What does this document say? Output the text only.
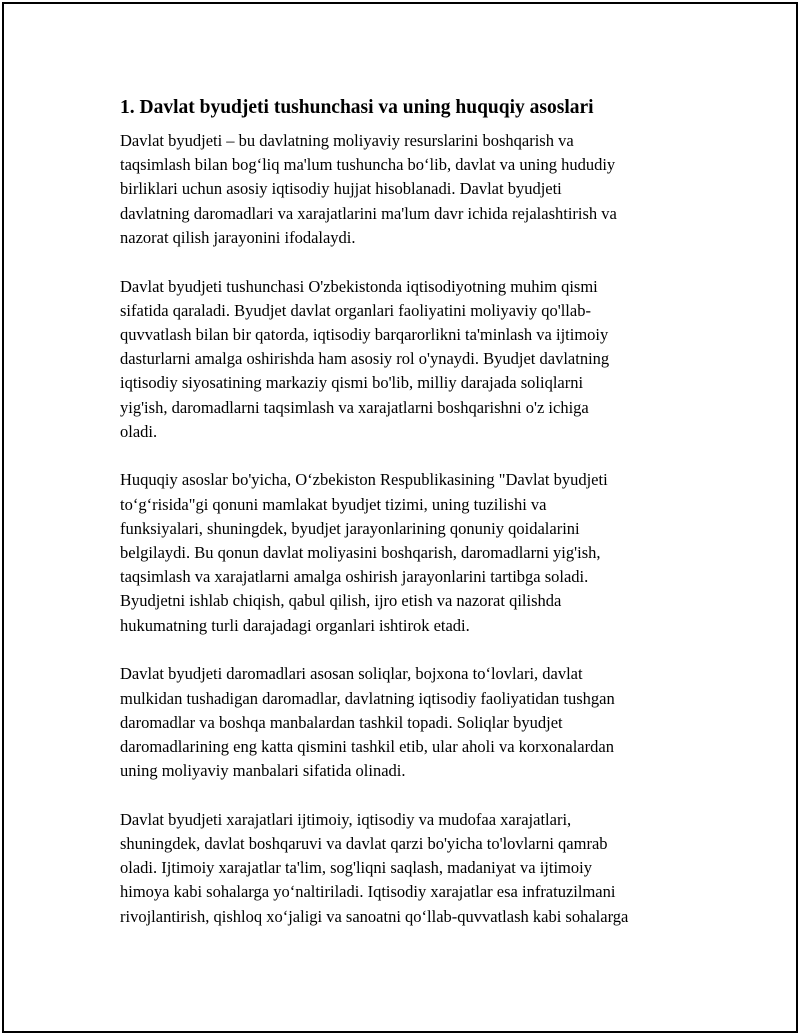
1. Davlat byudjeti tushunchasi va uning huquqiy asoslari

Davlat byudjeti – bu davlatning moliyaviy resurslarini boshqarish va
taqsimlash bilan bog‘liq ma'lum tushuncha bo‘lib, davlat va uning hududiy
birliklari uchun asosiy iqtisodiy hujjat hisoblanadi. Davlat byudjeti
davlatning daromadlari va xarajatlarini ma'lum davr ichida rejalashtirish va
nazorat qilish jarayonini ifodalaydi.

Davlat byudjeti tushunchasi O'zbekistonda iqtisodiyotning muhim qismi
sifatida qaraladi. Byudjet davlat organlari faoliyatini moliyaviy qo'llab-
quvvatlash bilan bir qatorda, iqtisodiy barqarorlikni ta'minlash va ijtimoiy
dasturlarni amalga oshirishda ham asosiy rol o'ynaydi. Byudjet davlatning
iqtisodiy siyosatining markaziy qismi bo'lib, milliy darajada soliqlarni
yig'ish, daromadlarni taqsimlash va xarajatlarni boshqarishni o'z ichiga
oladi.

Huquqiy asoslar bo'yicha, O‘zbekiston Respublikasining "Davlat byudjeti
to‘g‘risida"gi qonuni mamlakat byudjet tizimi, uning tuzilishi va
funksiyalari, shuningdek, byudjet jarayonlarining qonuniy qoidalarini
belgilaydi. Bu qonun davlat moliyasini boshqarish, daromadlarni yig'ish,
taqsimlash va xarajatlarni amalga oshirish jarayonlarini tartibga soladi.
Byudjetni ishlab chiqish, qabul qilish, ijro etish va nazorat qilishda
hukumatning turli darajadagi organlari ishtirok etadi.

Davlat byudjeti daromadlari asosan soliqlar, bojxona to‘lovlari, davlat
mulkidan tushadigan daromadlar, davlatning iqtisodiy faoliyatidan tushgan
daromadlar va boshqa manbalardan tashkil topadi. Soliqlar byudjet
daromadlarining eng katta qismini tashkil etib, ular aholi va korxonalardan
uning moliyaviy manbalari sifatida olinadi.

Davlat byudjeti xarajatlari ijtimoiy, iqtisodiy va mudofaa xarajatlari,
shuningdek, davlat boshqaruvi va davlat qarzi bo'yicha to'lovlarni qamrab
oladi. Ijtimoiy xarajatlar ta'lim, sog'liqni saqlash, madaniyat va ijtimoiy
himoya kabi sohalarga yo‘naltiriladi. Iqtisodiy xarajatlar esa infratuzilmani
rivojlantirish, qishloq xo‘jaligi va sanoatni qo‘llab-quvvatlash kabi sohalarga
